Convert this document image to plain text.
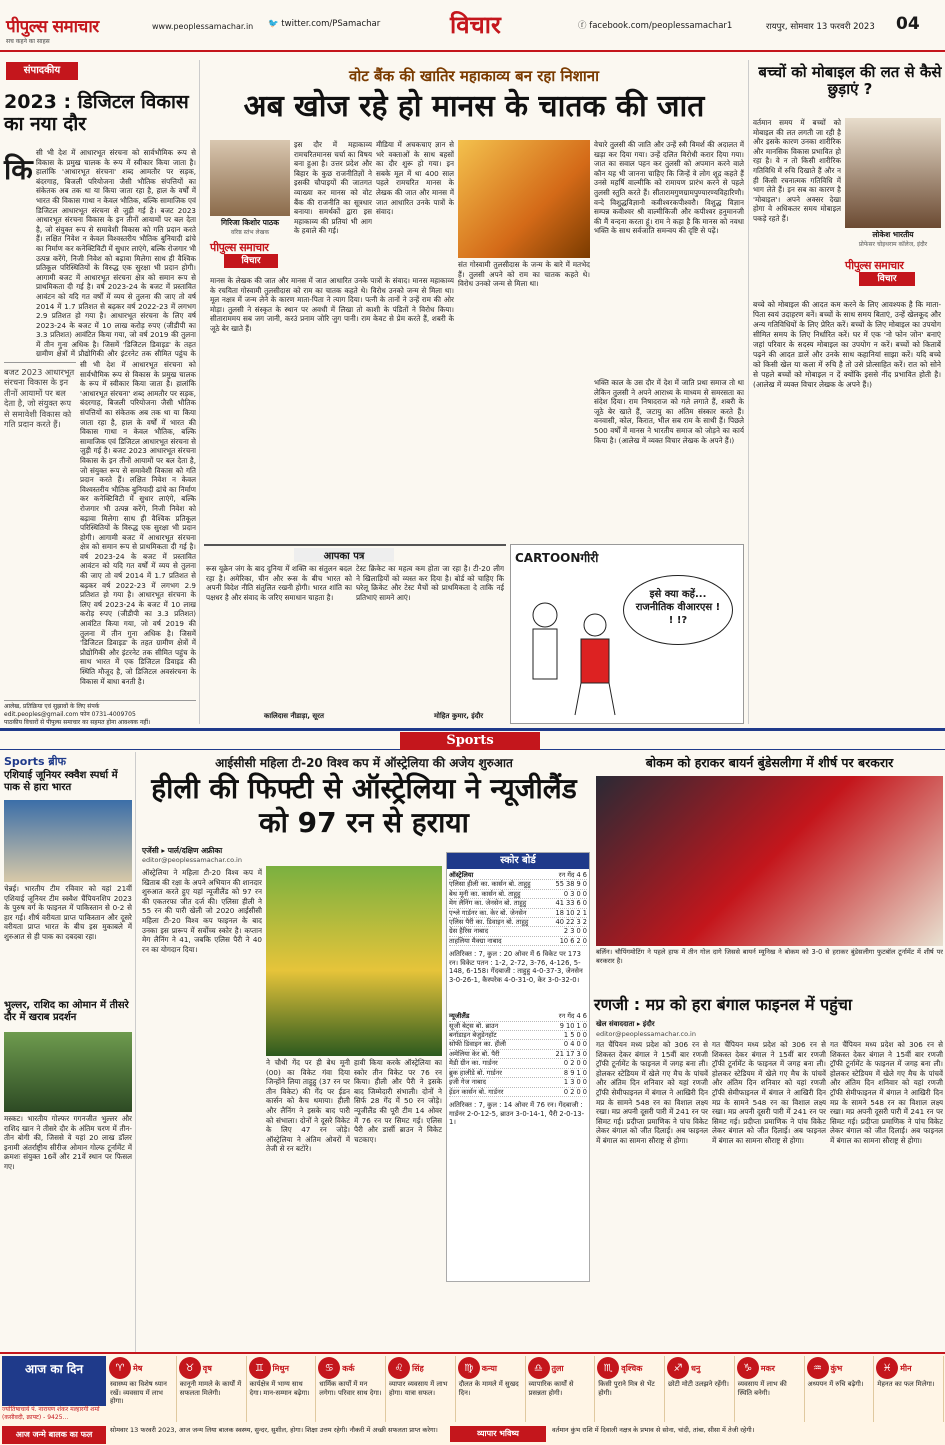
पीपुल्स समाचार
सच कहने का साहस
www.peoplessamachar.in 🐦 twitter.com/PSamachar	विचार	ⓕ facebook.com/peoplessamachar1	रायपुर, सोमवार 13 फरवरी 2023 04
संपादकीय
2023 : डिजिटल विकास का नया दौर
कि
सी भी देश में आधारभूत संरचना को सार्वभौमिक रूप से विकास के प्रमुख चालक के रूप में स्वीकार किया जाता है। हालांकि 'आधारभूत संरचना' शब्द आमतौर पर सड़क, बंदरगाह, बिजली परियोजना जैसी भौतिक संपत्तियों का संकेतक अब तक था या किया जाता रहा है, हाल के वर्षों में भारत की विकास गाथा न केवल भौतिक, बल्कि सामाजिक एवं डिजिटल आधारभूत संरचना से जुड़ी गई है। बजट 2023 आधारभूत संरचना विकास के इन तीनों आयामों पर बल देता है, जो संयुक्त रूप से समावेशी विकास को गति प्रदान करते हैं। लक्षित निवेश न केवल विश्वस्तरीय भौतिक बुनियादी ढांचे का निर्माण कर कनेक्टिविटी में सुधार लाएंगे, बल्कि रोजगार भी उत्पन्न करेंगे, निजी निवेश को बढ़ावा मिलेगा साथ ही वैश्विक प्रतिकूल परिस्थितियों के विरुद्ध एक सुरक्षा भी प्रदान होगी। आगामी बजट में आधारभूत संरचना क्षेत्र को समान रूप से प्राथमिकता दी गई है। वर्ष 2023-24 के बजट में प्रस्तावित आवंटन को यदि गत वर्षों में व्यय से तुलना की जाए तो वर्ष 2014 में 1.7 प्रतिशत से बढ़कर वर्ष 2022-23 में लगभग 2.9 प्रतिशत हो गया है। आधारभूत संरचना के लिए वर्ष 2023-24 के बजट में 10 लाख करोड़ रुपए (जीडीपी का 3.3 प्रतिशत) आवंटित किया गया, जो वर्ष 2019 की तुलना में तीन गुना अधिक है। जिसमें 'डिजिटल डिवाइड' के तहत ग्रामीण क्षेत्रों में प्रौद्योगिकी और इंटरनेट तक सीमित पहुंच के
सी भी देश में आधारभूत संरचना को सार्वभौमिक रूप से विकास के प्रमुख चालक के रूप में स्वीकार किया जाता है। हालांकि 'आधारभूत संरचना' शब्द आमतौर पर सड़क, बंदरगाह, बिजली परियोजना जैसी भौतिक संपत्तियों का संकेतक अब तक था या किया जाता रहा है, हाल के वर्षों में भारत की विकास गाथा न केवल भौतिक, बल्कि सामाजिक एवं डिजिटल आधारभूत संरचना से जुड़ी गई है। बजट 2023 आधारभूत संरचना विकास के इन तीनों आयामों पर बल देता है, जो संयुक्त रूप से समावेशी विकास को गति प्रदान करते हैं। लक्षित निवेश न केवल विश्वस्तरीय भौतिक बुनियादी ढांचे का निर्माण कर कनेक्टिविटी में सुधार लाएंगे, बल्कि रोजगार भी उत्पन्न करेंगे, निजी निवेश को बढ़ावा मिलेगा साथ ही वैश्विक प्रतिकूल परिस्थितियों के विरुद्ध एक सुरक्षा भी प्रदान होगी। आगामी बजट में आधारभूत संरचना क्षेत्र को समान रूप से प्राथमिकता दी गई है। वर्ष 2023-24 के बजट में प्रस्तावित आवंटन को यदि गत वर्षों में व्यय से तुलना की जाए तो वर्ष 2014 में 1.7 प्रतिशत से बढ़कर वर्ष 2022-23 में लगभग 2.9 प्रतिशत हो गया है। आधारभूत संरचना के लिए वर्ष 2023-24 के बजट में 10 लाख करोड़ रुपए (जीडीपी का 3.3 प्रतिशत) आवंटित किया गया, जो वर्ष 2019 की तुलना में तीन गुना अधिक है। जिसमें 'डिजिटल डिवाइड' के तहत ग्रामीण क्षेत्रों में प्रौद्योगिकी और इंटरनेट तक सीमित पहुंच के साथ भारत में एक डिजिटल डिवाइड की स्थिति मौजूद है, जो डिजिटल अवसंरचना के विकास में बाधा बनती है।
बजट 2023 आधारभूत संरचना विकास के इन तीनों आयामों पर बल देता है, जो संयुक्त रूप से समावेशी विकास को गति प्रदान करते हैं।
आलेख, प्रतिक्रिया एवं सुझावों के लिए संपर्क
edit.peoples@gmail.com फोन 0731-4009705
पाठकीय विचारों से पीपुल्स समाचार का सहमत होना आवश्यक नहीं।
वोट बैंक की खातिर महाकाव्य बन रहा निशाना
अब खोज रहे हो मानस के चातक की जात
गिरिजा किशोर पाठक
वरिष्ठ स्तंभ लेखक
पीपुल्स समाचार
विचार
इस दौर में महाकाव्य रामचरितमानस चर्चा का विषय बना हुआ है। उत्तर प्रदेश और बिहार के कुछ राजनीतिज्ञों ने इसकी चौपाइयों की जातगत व्याख्या कर मानस को वोट बैंक की राजनीति का सूत्रधार बनाया। समर्थकों द्वारा इस महाकाव्य की प्रतियां भी आग के हवाले की गई।
मीडिया में अचकचाए ज्ञान से भरे वक्ताओं के साथ बहसों का दौर शुरू हो गया। इन सबके मूल में था 400 साल पहले रामचरित मानस के लेखक की जात और मानस में जात आधारित उनके पात्रों के संवाद।
मानस के लेखक की जात और मानस में जात आधारित उनके पात्रों के संवाद। मानस महाकाव्य के रचयिता गोस्वामी तुलसीदास को राम का चातक कहते थे। विरोध उनको जन्म से मिला था। मूल नक्षत्र में जन्म लेने के कारण माता-पिता ने त्याग दिया। पत्नी के तानों ने उन्हें राम की ओर मोड़ा। तुलसी ने संस्कृत के स्थान पर अवधी में लिखा तो काशी के पंडितों ने विरोध किया। सीताराममय सब जग जानी, करउं प्रनाम जोरि जुग पानी। राम केवट से प्रेम करते हैं, शबरी के जूठे बेर खाते हैं।
संत गोस्वामी तुलसीदास के जन्म के बारे में मतभेद हैं। तुलसी अपने को राम का चातक कहते थे। विरोध उनको जन्म से मिला था।
वेचारे तुलसी की जाति और उन्हें स्त्री विमर्श की अदालत में खड़ा कर दिया गया। उन्हें दलित विरोधी करार दिया गया। जात का सवाल पहन कर तुलसी को अपमान करने वाले कौन यह भी जानना चाहिए कि जिन्हें वे लोग शूद्र कहते हैं उनसे महर्षि वाल्मीकि को रामायण प्रारंभ करने से पहले तुलसी स्तुति करते हैं। सीतारामगुणग्रामपुण्यारण्यविहारिणौ। वन्दे विशुद्धविज्ञानौ कवीश्वरकपीश्वरौ। विशुद्ध विज्ञान सम्पन्न कवीश्वर श्री वाल्मीकिजी और कपीश्वर हनुमानजी की मैं वन्दना करता हूं। राम ने कहा है कि मानस को नवधा भक्ति के साथ सर्वजाति समन्वय की दृष्टि से पढ़ें।
भक्ति काल के उस दौर में देश में जाति प्रथा समाज तो था लेकिन तुलसी ने अपने आराध्य के माध्यम से समरसता का संदेश दिया। राम निषादराज को गले लगाते हैं, शबरी के जूठे बेर खाते हैं, जटायु का अंतिम संस्कार करते हैं। वनवासी, कोल, किरात, भील सब राम के साथी हैं। पिछले 500 वर्षों में मानस ने भारतीय समाज को जोड़ने का कार्य किया है। (आलेख में व्यक्त विचार लेखक के अपने हैं।)
आपका पत्र
रूस यूक्रेन जंग के बाद दुनिया में शक्ति का संतुलन बदल रहा है। अमेरिका, चीन और रूस के बीच भारत को अपनी विदेश नीति संतुलित रखनी होगी। भारत शांति का पक्षधर है और संवाद के जरिए समाधान चाहता है।
कालिदास नीडाड़ा, सूरत
टेस्ट क्रिकेट का महत्व कम होता जा रहा है। टी-20 लीग ने खिलाड़ियों को व्यस्त कर दिया है। बोर्ड को चाहिए कि घरेलू क्रिकेट और टेस्ट मैचों को प्राथमिकता दे ताकि नई प्रतिभाएं सामने आएं।
मोहित कुमार, इंदौर
CARTOONगीरी
इसे क्या कहें... राजनीतिक वीआरएस ! ! !?
बच्चों को मोबाइल की लत से कैसे छुड़ाएं ?
वर्तमान समय में बच्चों को मोबाइल की लत लगती जा रही है और इसके कारण उनका शारीरिक और मानसिक विकास प्रभावित हो रहा है। वे न तो किसी शारीरिक गतिविधि में रुचि दिखाते हैं और न ही किसी रचनात्मक गतिविधि में भाग लेते हैं। इन सब का कारण है 'मोबाइल'। अपने अक्सर देखा होगा वे अधिकतर समय मोबाइल पकड़े रहते हैं।
लोकेश भारतीय
प्रोफेसर चोइथराम कॉलेज, इंदौर
पीपुल्स समाचार
विचार
बच्चे को मोबाइल की आदत कम करने के लिए आवश्यक है कि माता-पिता स्वयं उदाहरण बनें। बच्चों के साथ समय बिताएं, उन्हें खेलकूद और अन्य गतिविधियों के लिए प्रेरित करें। बच्चों के लिए मोबाइल का उपयोग सीमित समय के लिए निर्धारित करें। घर में एक 'नो फोन जोन' बनाएं जहां परिवार के सदस्य मोबाइल का उपयोग न करें। बच्चों को किताबें पढ़ने की आदत डालें और उनके साथ कहानियां साझा करें। यदि बच्चे को किसी खेल या कला में रुचि है तो उसे प्रोत्साहित करें। रात को सोने से पहले बच्चों को मोबाइल न दें क्योंकि इससे नींद प्रभावित होती है। (आलेख में व्यक्त विचार लेखक के अपने हैं।)
Sports
Sports ब्रीफ
एशियाई जूनियर स्क्वैश स्पर्धा में पाक से हारा भारत
चेन्नई। भारतीय टीम रविवार को यहां 21वीं एशियाई जूनियर टीम स्क्वैश चैंपियनशिप 2023 के पुरुष वर्ग के फाइनल में पाकिस्तान से 0-2 से हार गई। शीर्ष वरीयता प्राप्त पाकिस्तान और दूसरे वरीयता प्राप्त भारत के बीच इस मुकाबले में शुरुआत से ही पाक का दबदबा रहा।
भुल्लर, राशिद का ओमान में तीसरे दौर में खराब प्रदर्शन
मस्कट। भारतीय गोल्फर गगनजीत भुल्लर और राशिद खान ने तीसरे दौर के अंतिम चरण में तीन-तीन बोगी की, जिससे वे यहां 20 लाख डॉलर इनामी अंतर्राष्ट्रीय सीरीज ओमान गोल्फ टूर्नामेंट में क्रमशः संयुक्त 16वें और 21वें स्थान पर फिसल गए।
आईसीसी महिला टी-20 विश्व कप में ऑस्ट्रेलिया की अजेय शुरुआत
हीली की फिफ्टी से ऑस्ट्रेलिया ने न्यूजीलैंड को 97 रन से हराया
एजेंसी ▸ पार्ल/दक्षिण अफ्रीका
editor@peoplessamachar.co.in
ऑस्ट्रेलिया ने महिला टी-20 विश्व कप में खिताब की रक्षा के अपने अभियान की शानदार शुरुआत करते हुए यहां न्यूजीलैंड को 97 रन की एकतरफा जीत दर्ज की। एलिसा हीली ने 55 रन की पारी खेली जो 2020 आईसीसी महिला टी-20 विश्व कप फाइनल के बाद उनका इस प्रारूप में सर्वोच्च स्कोर है। कप्तान मेग लैनिंग ने 41, जबकि एलिस पैरी ने 40 रन का योगदान दिया।
ने चौथी गेंद पर ही बेथ मूनी (00) का विकेट गंवा दिया जिन्होंने लिया ताहुहु (37 रन पर तीन विकेट) की गेंद पर ईडन कार्सन को कैच थमाया। हीली और लैनिंग ने इसके बाद पारी को संभाला। दोनों ने दूसरे विकेट के लिए 47 रन जोड़े। ऑस्ट्रेलिया ने अंतिम ओवरों में तेजी से रन बटोरे।
हावी किया करके ऑस्ट्रेलिया का स्कोर तीन विकेट पर 76 रन किया। हीली और पैरी ने इसके बाद जिम्मेदारी संभाली। दोनों ने सिर्फ 28 गेंद में 50 रन जोड़े। न्यूजीलैंड की पूरी टीम 14 ओवर में 76 रन पर सिमट गई। एलिस पैरी और डार्सी ब्राउन ने विकेट चटकाए।
स्कोर बोर्ड
ऑस्ट्रेलिया	रन गेंद 4 6
एलिसा हीली का. कार्सन बो. ताहुहु	55 38 9 0
बेथ मूनी का. कार्सन बो. ताहुहु	0 3 0 0
मेग लैनिंग का. जेनसेन बो. ताहुहु	41 33 6 0
एश्ले गार्डनर का. केर बो. जेनसेन	18 10 2 1
एलिस पैरी का. डिवाइन बो. ताहुहु	40 22 3 2
ग्रेस हैरिस नाबाद	2 3 0 0
ताहलिया मैक्ग्रा नाबाद	10 6 2 0
अतिरिक्त : 7, कुल : 20 ओवर में 6 विकेट पर 173 रन। विकेट पतन : 1-2, 2-72, 3-76, 4-126, 5-148, 6-158। गेंदबाजी : ताहुहु 4-0-37-3, जेनसेन 3-0-26-1, कैस्परेक 4-0-31-0, केर 3-0-32-0।
न्यूजीलैंड	रन गेंद 4 6
सूजी बेट्स बो. ब्राउन	9 10 1 0
बर्नाडाइन बेजुडेनहॉट	1 5 0 0
सोफी डिवाइन का. हीली	0 4 0 0
अमेलिया केर बो. पैरी	21 17 3 0
मैडी ग्रीन का. गार्डनर	0 2 0 0
ब्रुक हालीडे बो. गार्डनर	8 9 1 0
इजी गेज नाबाद	1 3 0 0
ईडन कार्सन बो. गार्डनर	0 2 0 0
अतिरिक्त : 7, कुल : 14 ओवर में 76 रन। गेंदबाजी : गार्डनर 2-0-12-5, ब्राउन 3-0-14-1, पैरी 2-0-13-1।
बोकम को हराकर बायर्न बुंडेसलीगा में शीर्ष पर बरकरार
बर्लिन। चौपिंगमोटिंग ने पहले हाफ में तीन गोल दागे जिससे बायर्न म्यूनिख ने बोकम को 3-0 से हराकर बुंडेसलीगा फुटबॉल टूर्नामेंट में शीर्ष पर बरकरार है।
रणजी : मप्र को हरा बंगाल फाइनल में पहुंचा
खेल संवाददाता ▸ इंदौर
editor@peoplessamachar.co.in
गत चैंपियन मध्य प्रदेश को 306 रन से शिकस्त देकर बंगाल ने 15वीं बार रणजी ट्रॉफी टूर्नामेंट के फाइनल में जगह बना ली। होलकर स्टेडियम में खेले गए मैच के पांचवें और अंतिम दिन शनिवार को यहां रणजी ट्रॉफी सेमीफाइनल में बंगाल ने आखिरी दिन मप्र के सामने 548 रन का विशाल लक्ष्य रखा। मप्र अपनी दूसरी पारी में 241 रन पर सिमट गई। प्रदीप्ता प्रमाणिक ने पांच विकेट लेकर बंगाल को जीत दिलाई। अब फाइनल में बंगाल का सामना सौराष्ट्र से होगा।
गत चैंपियन मध्य प्रदेश को 306 रन से शिकस्त देकर बंगाल ने 15वीं बार रणजी ट्रॉफी टूर्नामेंट के फाइनल में जगह बना ली। होलकर स्टेडियम में खेले गए मैच के पांचवें और अंतिम दिन शनिवार को यहां रणजी ट्रॉफी सेमीफाइनल में बंगाल ने आखिरी दिन मप्र के सामने 548 रन का विशाल लक्ष्य रखा। मप्र अपनी दूसरी पारी में 241 रन पर सिमट गई। प्रदीप्ता प्रमाणिक ने पांच विकेट लेकर बंगाल को जीत दिलाई। अब फाइनल में बंगाल का सामना सौराष्ट्र से होगा।
गत चैंपियन मध्य प्रदेश को 306 रन से शिकस्त देकर बंगाल ने 15वीं बार रणजी ट्रॉफी टूर्नामेंट के फाइनल में जगह बना ली। होलकर स्टेडियम में खेले गए मैच के पांचवें और अंतिम दिन शनिवार को यहां रणजी ट्रॉफी सेमीफाइनल में बंगाल ने आखिरी दिन मप्र के सामने 548 रन का विशाल लक्ष्य रखा। मप्र अपनी दूसरी पारी में 241 रन पर सिमट गई। प्रदीप्ता प्रमाणिक ने पांच विकेट लेकर बंगाल को जीत दिलाई। अब फाइनल में बंगाल का सामना सौराष्ट्र से होगा।
आज का दिन
ज्योतिषाचार्य पं. नारायण शंकर मल्हारगी शर्मा (कसीवदी, क्राफ्ट) - 9425...
♈	मेष
स्वास्थ्य का विशेष ध्यान रखें। व्यवसाय में लाभ होगा।
♉	वृष
कानूनी मामले के कार्यों में सफलता मिलेगी।
♊	मिथुन
कार्यक्षेत्र में भाग्य साथ देगा। मान-सम्मान बढ़ेगा।
♋	कर्क
धार्मिक कार्यों में मन लगेगा। परिवार साथ देगा।
♌	सिंह
व्यापार व्यवसाय में लाभ होगा। यात्रा सफल।
♍	कन्या
दौलत के मामले में सुखद दिन।
♎	तुला
व्यापारिक कार्यों से प्रसन्नता होगी।
♏	वृश्चिक
किसी पुराने मित्र से भेंट होगी।
♐	धनु
छोटी मोटी उलझने रहेंगी।
♑	मकर
व्यवसाय में लाभ की स्थिति बनेगी।
♒	कुंभ
अध्ययन में रुचि बढ़ेगी।
♓	मीन
मेहनत का फल मिलेगा।
आज जन्मे बालक का फल	सोमवार 13 फरवरी 2023, आज जन्म लिया बालक स्वस्थ्य, सुन्दर, सुशील, होगा। शिक्षा उत्तम रहेगी। नौकरी में अच्छी सफलता प्राप्त करेगा।	व्यापार भविष्य	वर्तमान कुंभ राशि में दिवाली नक्षत्र के प्रभाव से सोना, चांदी, तांबा, सीसा में तेजी रहेगी।
